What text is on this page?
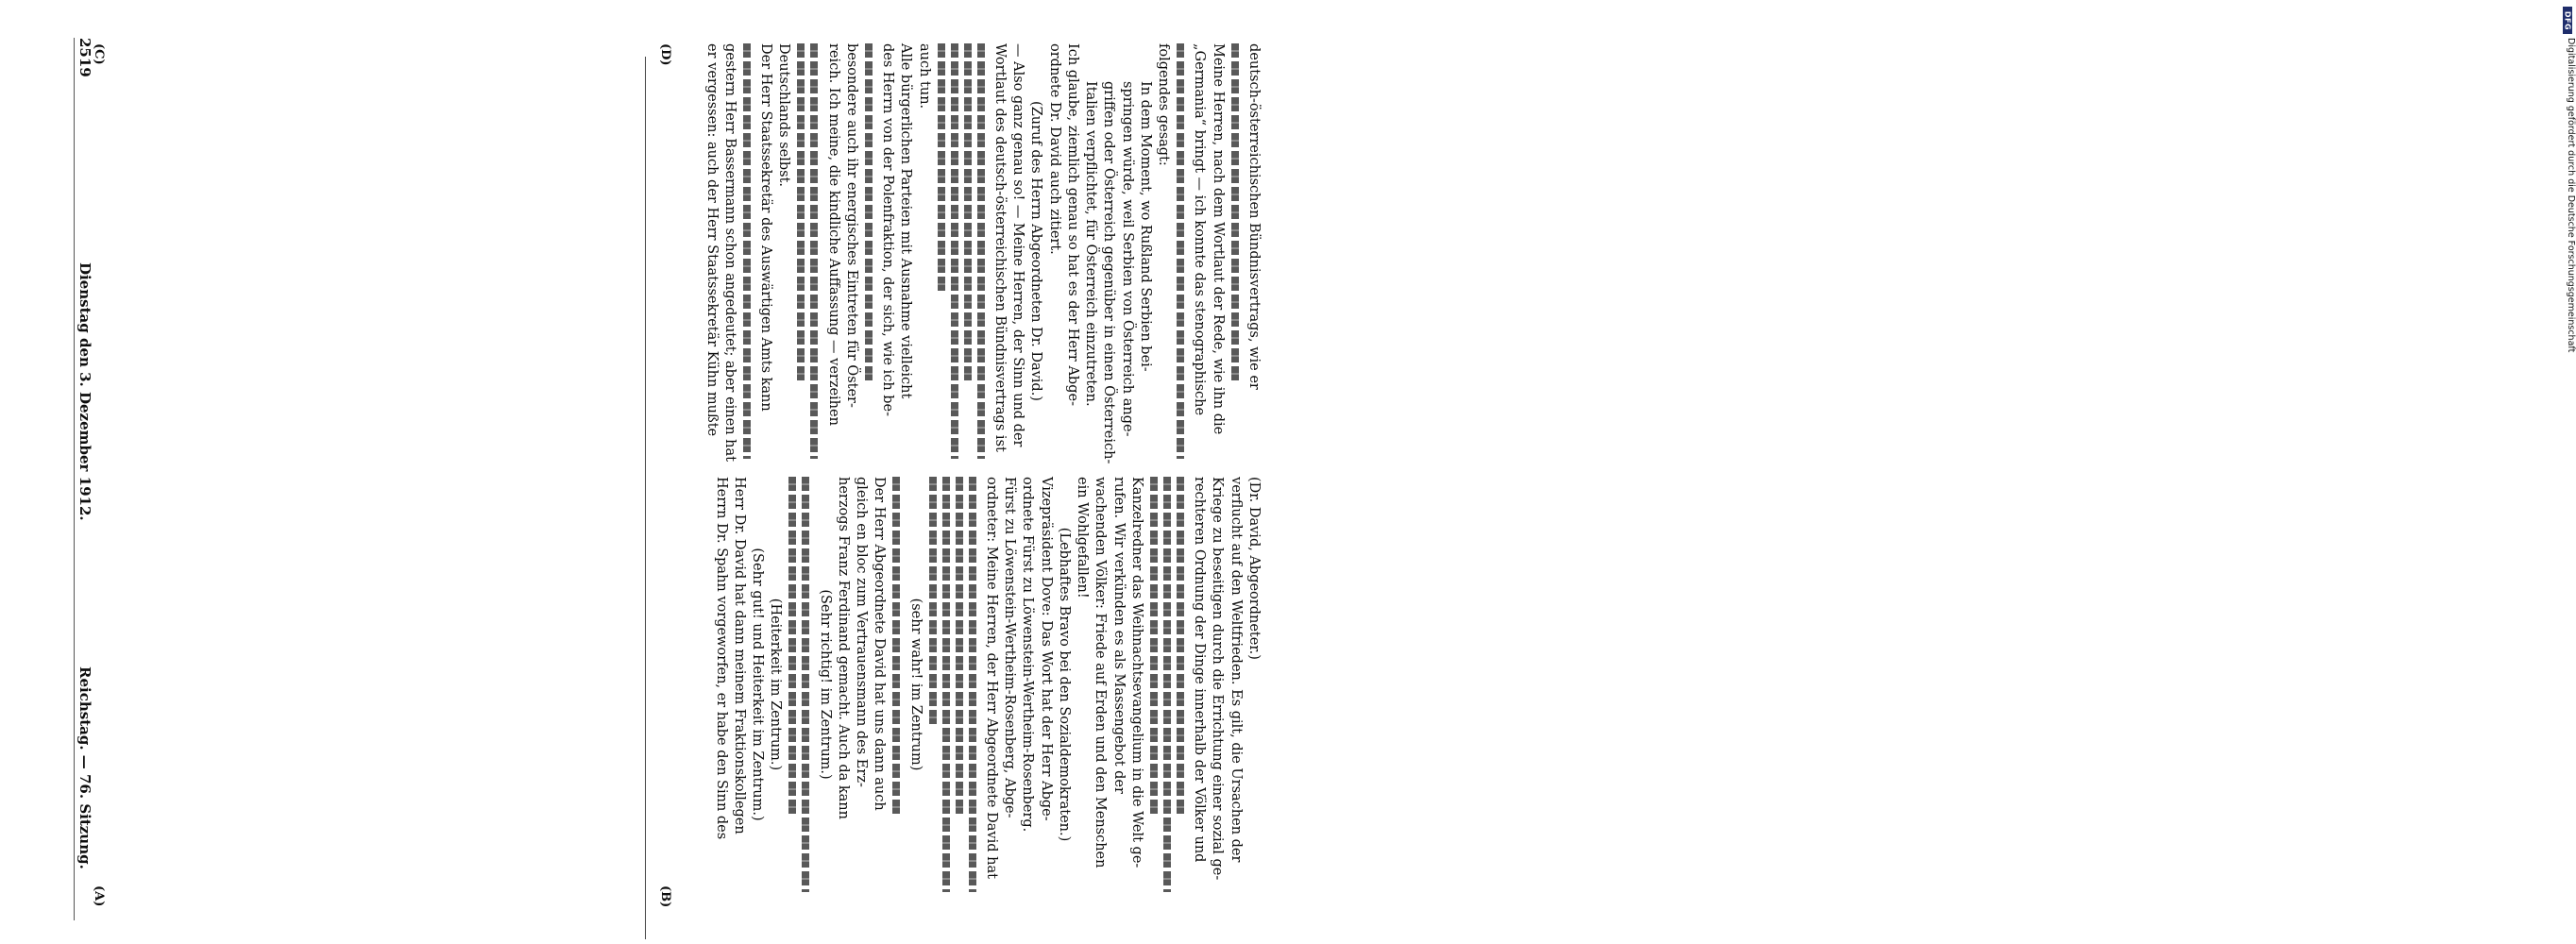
Reichstag. — 76. Sitzung.
Dienstag den 3. Dezember 1912.
2519
(A)	(B)
(C)	(D)

(Dr. David, Abgeordneter.)

verflucht auf den Weltfrieden. Es gilt, die Ursachen der

Kriege zu beseitigen durch die Errichtung einer sozial ge-

rechteren Ordnung der Dinge innerhalb der Völker und

Kanzelredner das Weihnachtsevangelium in die Welt ge-

rufen. Wir verkünden es als Massengebot der

wachenden Völker: Friede auf Erden und den Menschen

ein Wohlgefallen!

(Lebhaftes Bravo bei den Sozialdemokraten.)

Vizepräsident Dove: Das Wort hat der Herr Abge-

ordnete Fürst zu Löwenstein-Wertheim-Rosenberg.

Fürst zu Löwenstein-Wertheim-Rosenberg, Abge-

ordneter: Meine Herren, der Herr Abgeordnete David hat

(sehr wahr! im Zentrum)

Der Herr Abgeordnete David hat uns dann auch

gleich en bloc zum Vertrauensmann des Erz-

herzogs Franz Ferdinand gemacht. Auch da kann

(Sehr richtig! im Zentrum.)

(Heiterkeit im Zentrum.)

(Sehr gut! und Heiterkeit im Zentrum.)

Herr Dr. David hat dann meinem Fraktionskollegen

Herrn Dr. Spahn vorgeworfen, er habe den Sinn des

deutsch-österreichischen Bündnisvertrags, wie er

Meine Herren, nach dem Wortlaut der Rede, wie ihn die

„Germania“ bringt — ich konnte das stenographische

folgendes gesagt:

In dem Moment, wo Rußland Serbien bei-

springen würde, weil Serbien von Österreich ange-

griffen oder Österreich gegenüber in einen Österreich-

Italien verpflichtet, für Österreich einzutreten.

Ich glaube, ziemlich genau so hat es der Herr Abge-

ordnete Dr. David auch zitiert.

(Zuruf des Herrn Abgeordneten Dr. David.)

— Also ganz genau so! — Meine Herren, der Sinn und der

Wortlaut des deutsch-österreichischen Bündnisvertrags ist

auch tun.

Alle bürgerlichen Parteien mit Ausnahme vielleicht

des Herrn von der Polenfraktion, der sich, wie ich be-

besondere auch ihr energisches Eintreten für Öster-

reich. Ich meine, die kindliche Auffassung — verzeihen

Deutschlands selbst.

Der Herr Staatssekretär des Auswärtigen Amts kann

gestern Herr Bassermann schon angedeutet; aber einen hat

er vergessen: auch der Herr Staatssekretär Kühn mußte

DFG
Digitalisierung gefördert durch die Deutsche Forschungsgemeinschaft
